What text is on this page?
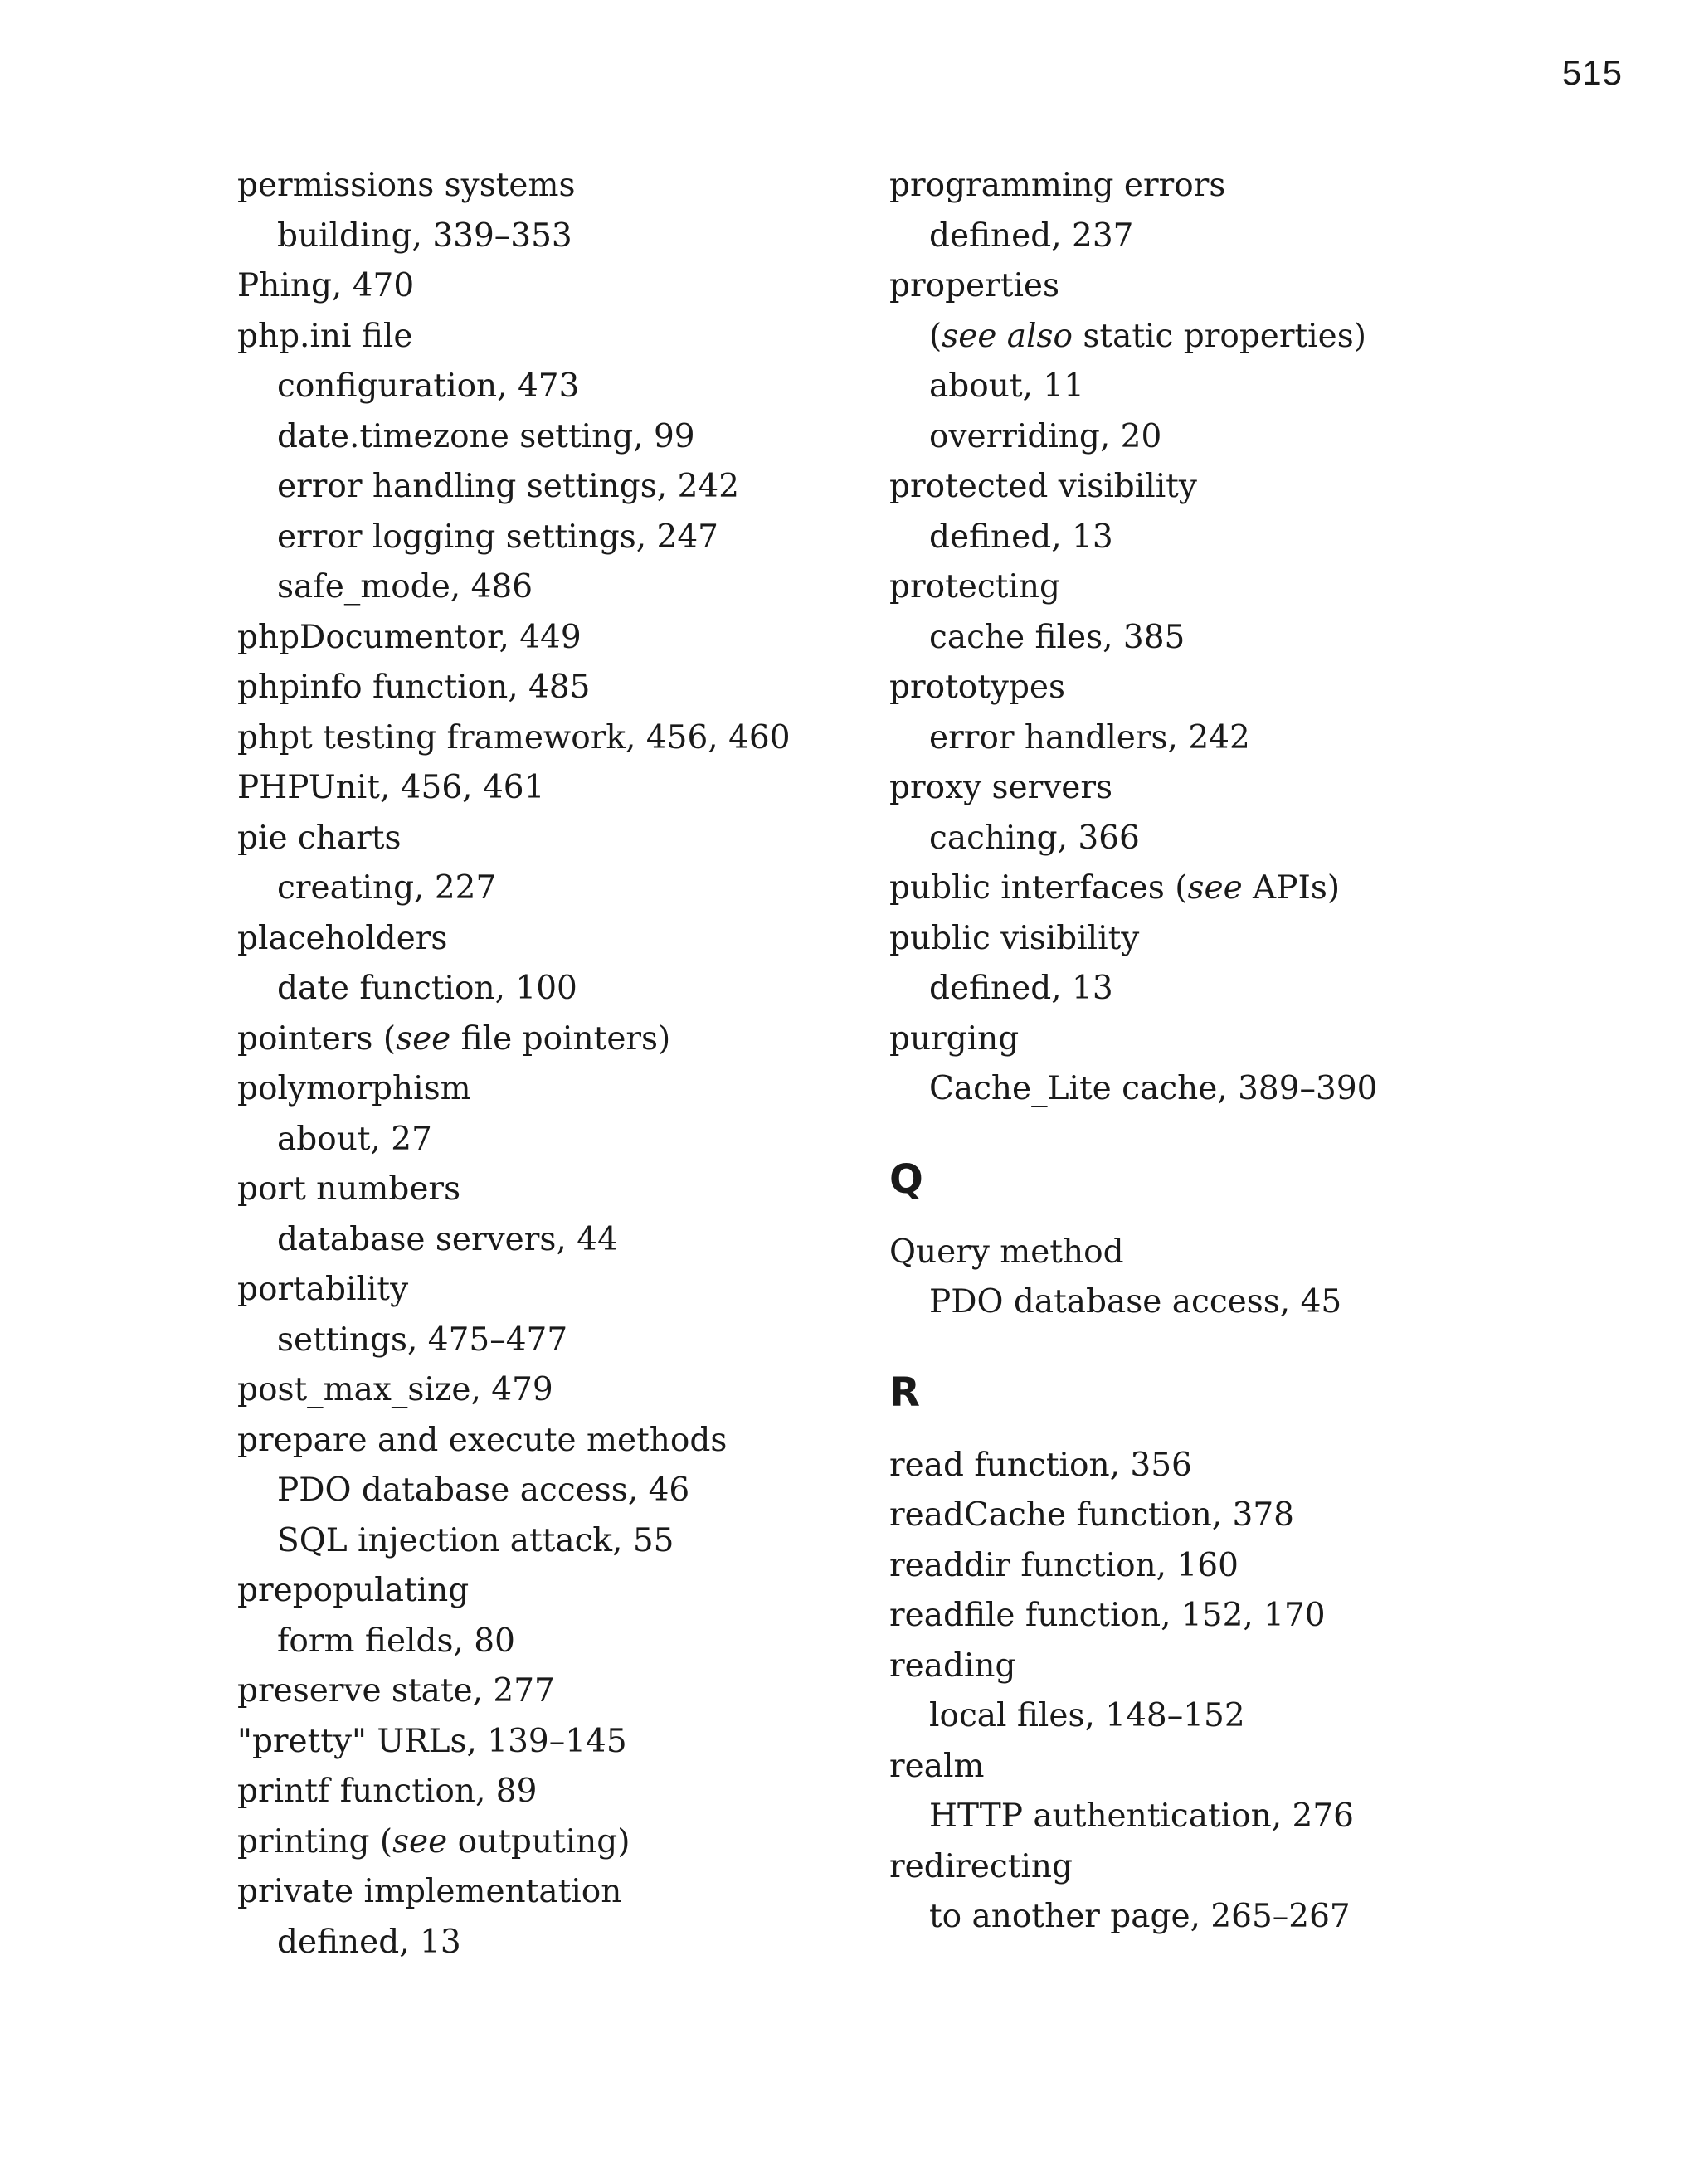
515
permissions systems
building, 339–353
Phing, 470
php.ini file
configuration, 473
date.timezone setting, 99
error handling settings, 242
error logging settings, 247
safe_mode, 486
phpDocumentor, 449
phpinfo function, 485
phpt testing framework, 456, 460
PHPUnit, 456, 461
pie charts
creating, 227
placeholders
date function, 100
pointers (see file pointers)
polymorphism
about, 27
port numbers
database servers, 44
portability
settings, 475–477
post_max_size, 479
prepare and execute methods
PDO database access, 46
SQL injection attack, 55
prepopulating
form fields, 80
preserve state, 277
"pretty" URLs, 139–145
printf function, 89
printing (see outputing)
private implementation
defined, 13
programming errors
defined, 237
properties
(see also static properties)
about, 11
overriding, 20
protected visibility
defined, 13
protecting
cache files, 385
prototypes
error handlers, 242
proxy servers
caching, 366
public interfaces (see APIs)
public visibility
defined, 13
purging
Cache_Lite cache, 389–390
Q
Query method
PDO database access, 45
R
read function, 356
readCache function, 378
readdir function, 160
readfile function, 152, 170
reading
local files, 148–152
realm
HTTP authentication, 276
redirecting
to another page, 265–267
